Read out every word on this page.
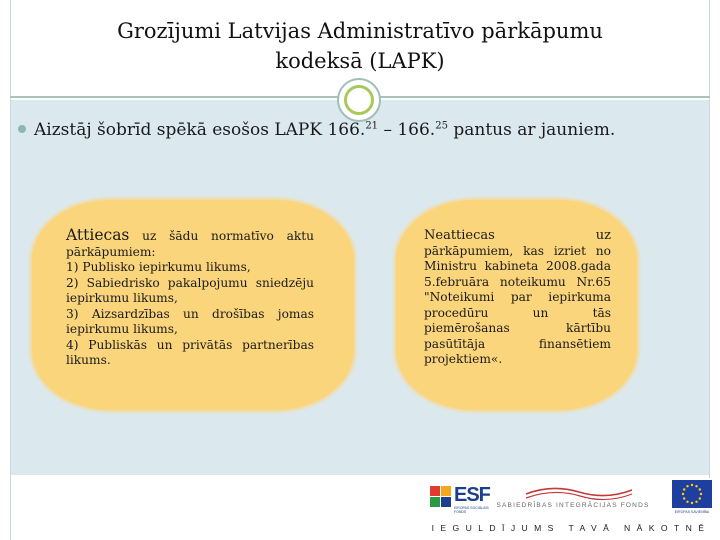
Grozījumi Latvijas Administratīvo pārkāpumu
kodeksā (LAPK)
Aizstāj šobrīd spēkā esošos LAPK 166.21 – 166.25 pantus ar jauniem.
Attiecas uz šādu normatīvo aktu pārkāpumiem:
1) Publisko iepirkumu likums,
2) Sabiedrisko pakalpojumu sniedzēju iepirkumu likums,
3) Aizsardzības un drošības jomas iepirkumu likums,
4) Publiskās un privātās partnerības likums.
Neattiecas	uz
pārkāpumiem, kas izriet no Ministru kabineta 2008.gada 5.februāra noteikumu Nr.65 "Noteikumi par iepirkuma procedūru un tās piemērošanas kārtību pasūtītāja finansētiem projektiem«.
ESF
EIROPAS SOCIĀLAIS FONDS
SABIEDRĪBAS INTEGRĀCIJAS FONDS
EIROPAS SAVIENĪBA
IEGULDĪJUMS TAVĀ NĀKOTNĒ
